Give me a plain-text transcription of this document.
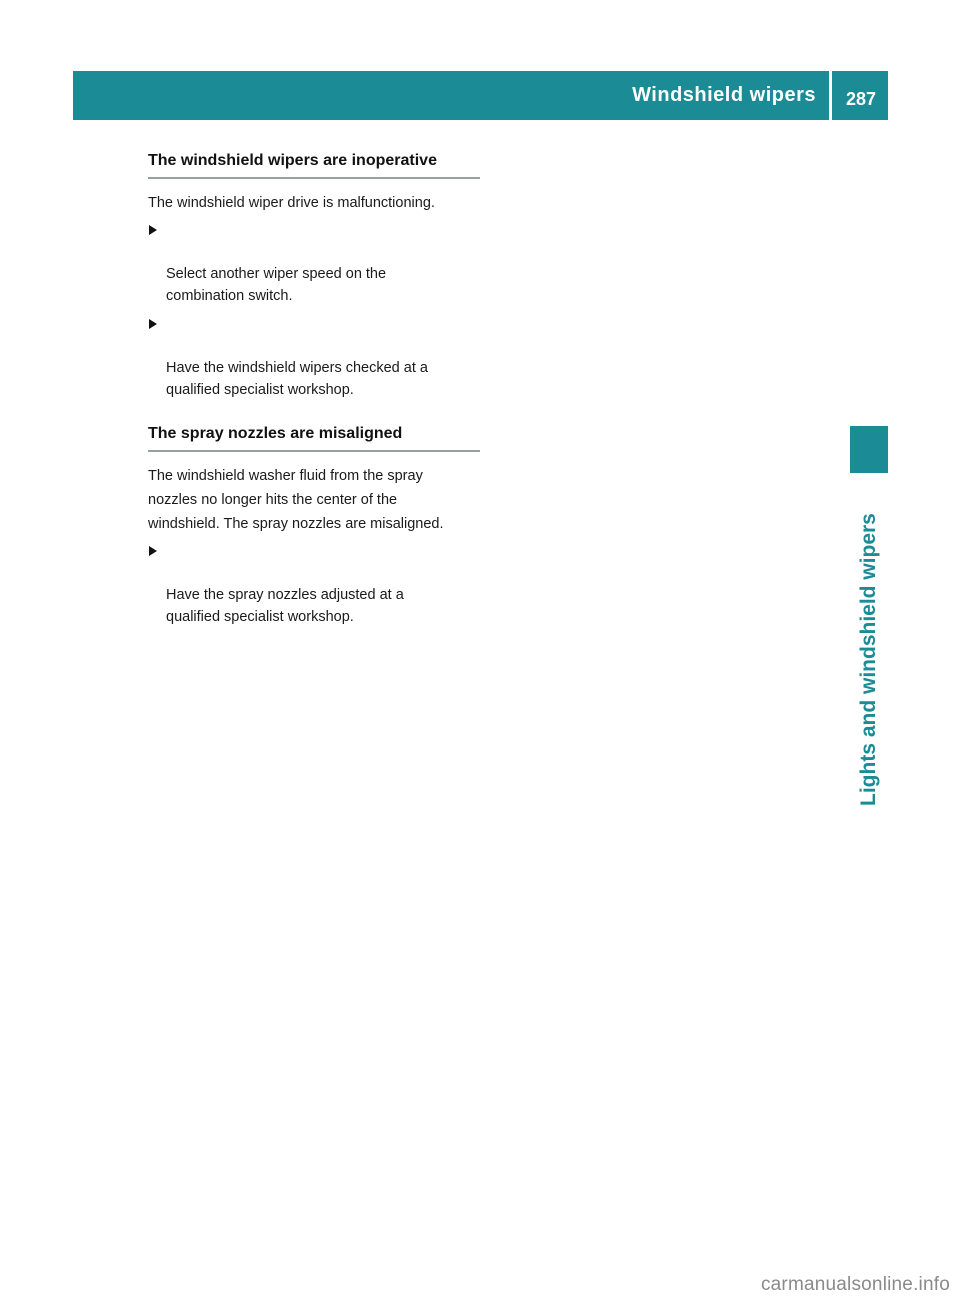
Windshield wipers	287
Lights and windshield wipers
The windshield wipers are inoperative
The windshield wiper drive is malfunctioning.

Select another wiper speed on the
combination switch.

Have the windshield wipers checked at a
qualified specialist workshop.

The spray nozzles are misaligned
The windshield washer fluid from the spray
nozzles no longer hits the center of the
windshield. The spray nozzles are misaligned.

Have the spray nozzles adjusted at a
qualified specialist workshop.

carmanualsonline.info
